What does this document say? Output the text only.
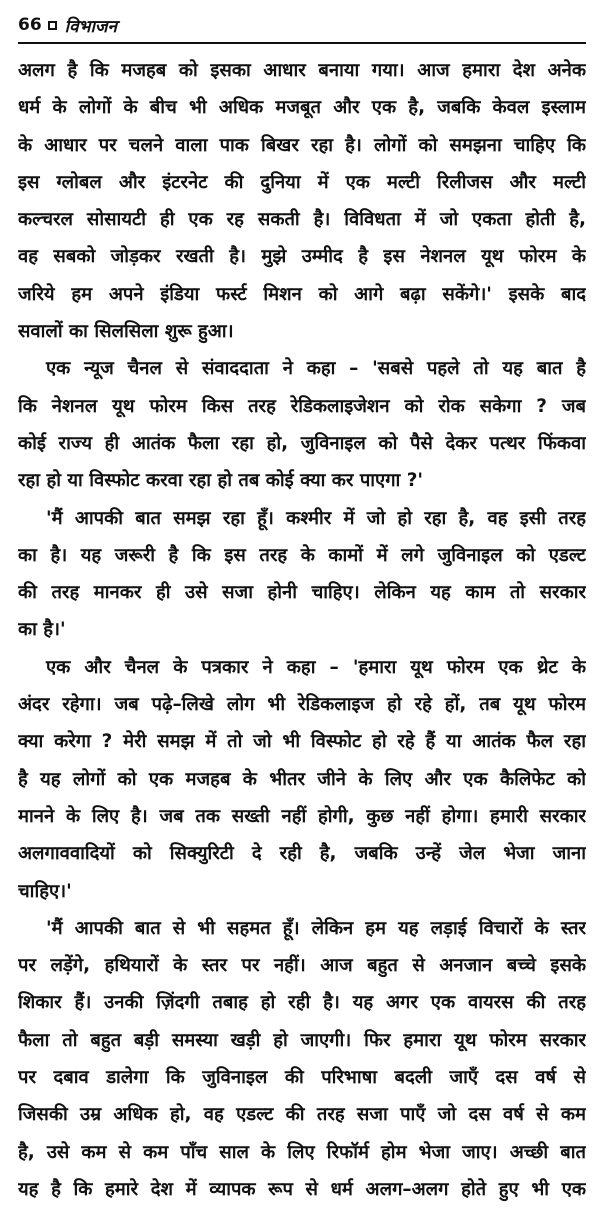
66 विभाजन
अलग है कि मजहब को इसका आधार बनाया गया। आज हमारा देश अनेक
धर्म के लोगों के बीच भी अधिक मजबूत और एक है, जबकि केवल इस्लाम
के आधार पर चलने वाला पाक बिखर रहा है। लोगों को समझना चाहिए कि
इस ग्लोबल और इंटरनेट की दुनिया में एक मल्टी रिलीजस और मल्टी
कल्चरल सोसायटी ही एक रह सकती है। विविधता में जो एकता होती है,
वह सबको जोड़कर रखती है। मुझे उम्मीद है इस नेशनल यूथ फोरम के
जरिये हम अपने इंडिया फर्स्ट मिशन को आगे बढ़ा सकेंगे।' इसके बाद
सवालों का सिलसिला शुरू हुआ।
एक न्यूज चैनल से संवाददाता ने कहा – 'सबसे पहले तो यह बात है
कि नेशनल यूथ फोरम किस तरह रेडिकलाइजेशन को रोक सकेगा ? जब
कोई राज्य ही आतंक फैला रहा हो, जुविनाइल को पैसे देकर पत्थर फिंकवा
रहा हो या विस्फोट करवा रहा हो तब कोई क्या कर पाएगा ?'
'मैं आपकी बात समझ रहा हूँ। कश्मीर में जो हो रहा है, वह इसी तरह
का है। यह जरूरी है कि इस तरह के कामों में लगे जुविनाइल को एडल्ट
की तरह मानकर ही उसे सजा होनी चाहिए। लेकिन यह काम तो सरकार
का है।'
एक और चैनल के पत्रकार ने कहा – 'हमारा यूथ फोरम एक थ्रेट के
अंदर रहेगा। जब पढ़े–लिखे लोग भी रेडिकलाइज हो रहे हों, तब यूथ फोरम
क्या करेगा ? मेरी समझ में तो जो भी विस्फोट हो रहे हैं या आतंक फैल रहा
है यह लोगों को एक मजहब के भीतर जीने के लिए और एक कैलिफेट को
मानने के लिए है। जब तक सख्ती नहीं होगी, कुछ नहीं होगा। हमारी सरकार
अलगाववादियों को सिक्युरिटी दे रही है, जबकि उन्हें जेल भेजा जाना
चाहिए।'
'मैं आपकी बात से भी सहमत हूँ। लेकिन हम यह लड़ाई विचारों के स्तर
पर लड़ेंगे, हथियारों के स्तर पर नहीं। आज बहुत से अनजान बच्चे इसके
शिकार हैं। उनकी ज़िंदगी तबाह हो रही है। यह अगर एक वायरस की तरह
फैला तो बहुत बड़ी समस्या खड़ी हो जाएगी। फिर हमारा यूथ फोरम सरकार
पर दबाव डालेगा कि जुविनाइल की परिभाषा बदली जाएँ दस वर्ष से
जिसकी उम्र अधिक हो, वह एडल्ट की तरह सजा पाएँ जो दस वर्ष से कम
है, उसे कम से कम पाँच साल के लिए रिफॉर्म होम भेजा जाए। अच्छी बात
यह है कि हमारे देश में व्यापक रूप से धर्म अलग–अलग होते हुए भी एक
